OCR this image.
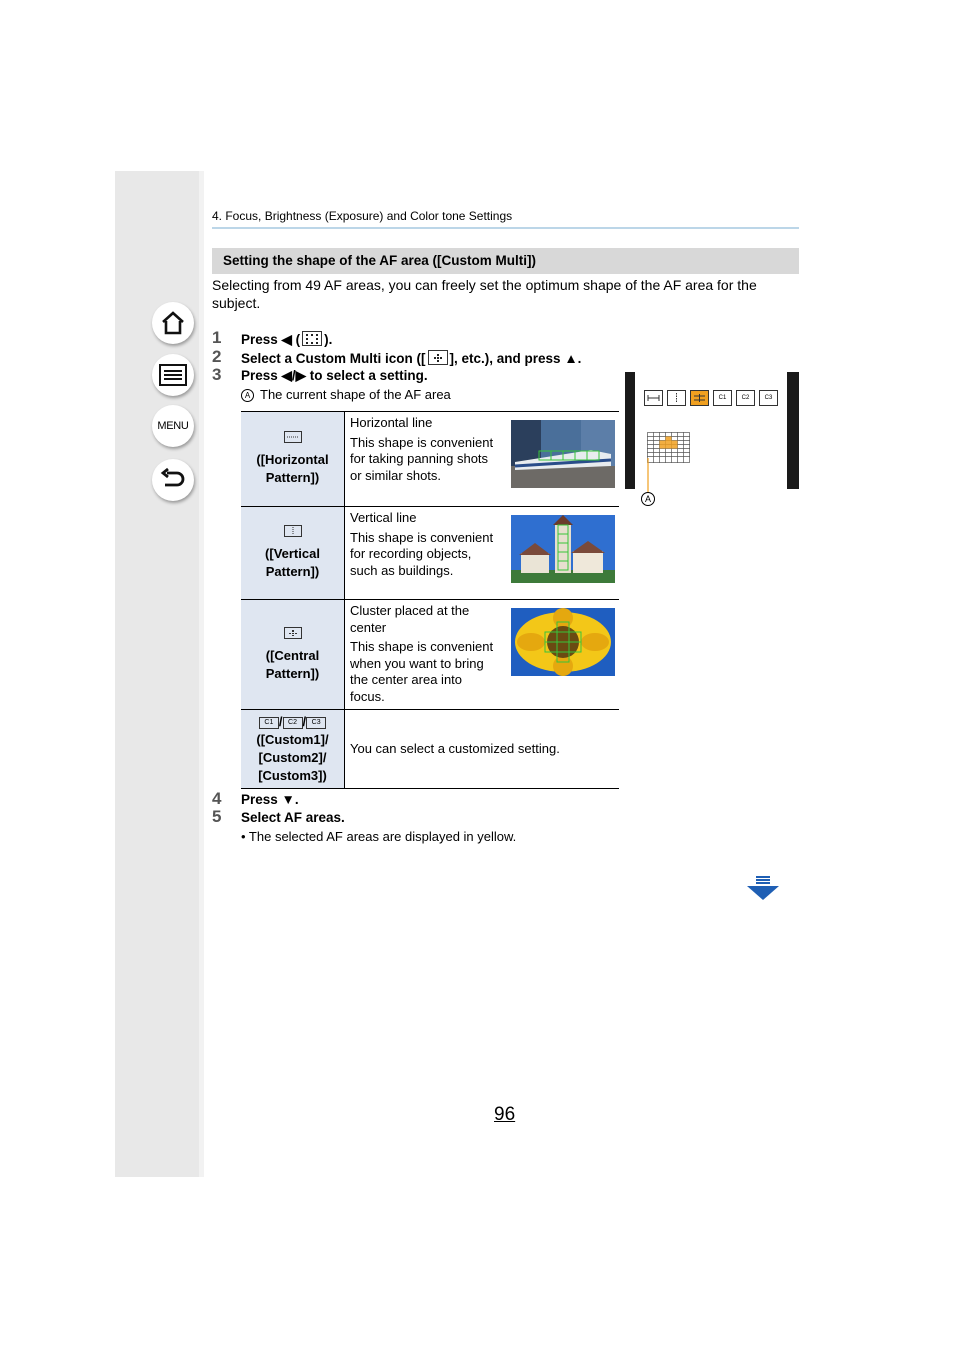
MENU
4. Focus, Brightness (Exposure) and Color tone Settings
Setting the shape of the AF area ([Custom Multi])
Selecting from 49 AF areas, you can freely set the optimum shape of the AF area for the subject.
1 Press ◀ ( ).
2 Select a Custom Multi icon ([ ], etc.), and press ▲.
3 Press ◀/▶ to select a setting.
A The current shape of the AF area	C1	C2	C3
A

([Horizontal Pattern])	Horizontal line
This shape is convenient for taking panning shots or similar shots.

([Vertical Pattern])	Vertical line
This shape is convenient for recording objects, such as buildings.

([Central Pattern])	Cluster placed at the center
This shape is convenient when you want to bring the center area into focus.

C1 / C2 / C3
([Custom1]/ [Custom2]/ [Custom3])	You can select a customized setting.
4 Press ▼.
5 Select AF areas.
• The selected AF areas are displayed in yellow.
96
